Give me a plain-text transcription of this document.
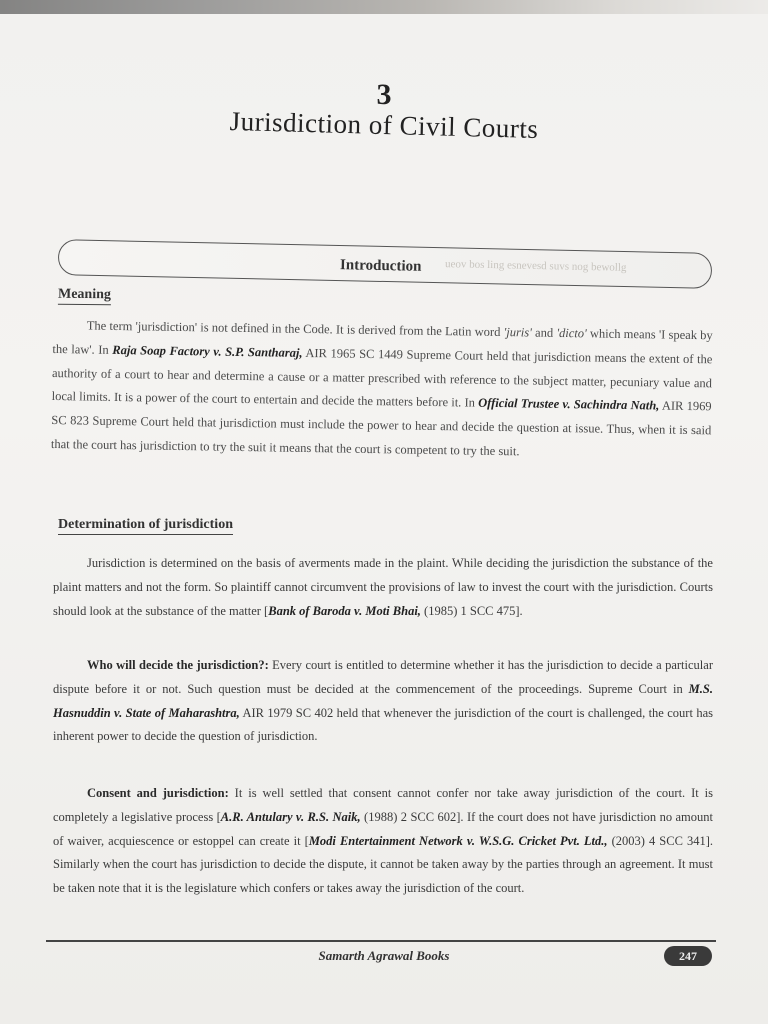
3
Jurisdiction of Civil Courts
Introduction ueov bos ling esnevesd suvs nog bewollg
Meaning
The term 'jurisdiction' is not defined in the Code. It is derived from the Latin word 'juris' and 'dicto' which means 'I speak by the law'. In Raja Soap Factory v. S.P. Santharaj, AIR 1965 SC 1449 Supreme Court held that jurisdiction means the extent of the authority of a court to hear and determine a cause or a matter prescribed with reference to the subject matter, pecuniary value and local limits. It is a power of the court to entertain and decide the matters before it. In Official Trustee v. Sachindra Nath, AIR 1969 SC 823 Supreme Court held that jurisdiction must include the power to hear and decide the question at issue. Thus, when it is said that the court has jurisdiction to try the suit it means that the court is competent to try the suit.
Determination of jurisdiction
Jurisdiction is determined on the basis of averments made in the plaint. While deciding the jurisdiction the substance of the plaint matters and not the form. So plaintiff cannot circumvent the provisions of law to invest the court with the jurisdiction. Courts should look at the substance of the matter [Bank of Baroda v. Moti Bhai, (1985) 1 SCC 475].
Who will decide the jurisdiction?: Every court is entitled to determine whether it has the jurisdiction to decide a particular dispute before it or not. Such question must be decided at the commencement of the proceedings. Supreme Court in M.S. Hasnuddin v. State of Maharashtra, AIR 1979 SC 402 held that whenever the jurisdiction of the court is challenged, the court has inherent power to decide the question of jurisdiction.
Consent and jurisdiction: It is well settled that consent cannot confer nor take away jurisdiction of the court. It is completely a legislative process [A.R. Antulary v. R.S. Naik, (1988) 2 SCC 602]. If the court does not have jurisdiction no amount of waiver, acquiescence or estoppel can create it [Modi Entertainment Network v. W.S.G. Cricket Pvt. Ltd., (2003) 4 SCC 341]. Similarly when the court has jurisdiction to decide the dispute, it cannot be taken away by the parties through an agreement. It must be taken note that it is the legislature which confers or takes away the jurisdiction of the court.
Samarth Agrawal Books	247
